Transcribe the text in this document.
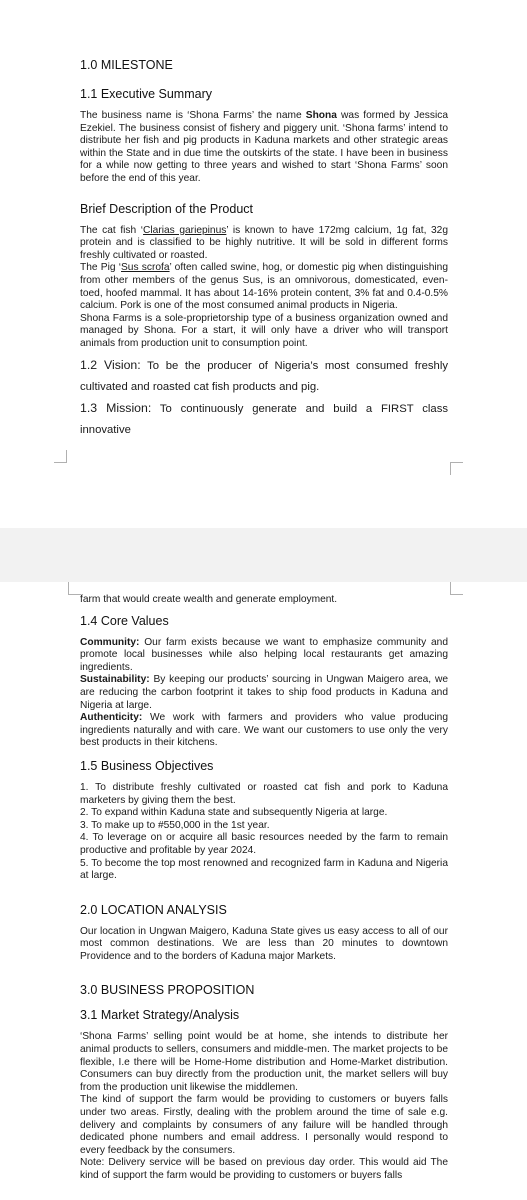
1.0 MILESTONE
1.1 Executive Summary

The business name is ‘Shona Farms’ the name Shona was formed by Jessica Ezekiel. The business consist of fishery and piggery unit. ‘Shona farms’ intend to distribute her fish and pig products in Kaduna markets and other strategic areas within the State and in due time the outskirts of the state. I have been in business for a while now getting to three years and wished to start ‘Shona Farms’ soon before the end of this year.

Brief Description of the Product

The cat fish ‘Clarias gariepinus’ is known to have 172mg calcium, 1g fat, 32g protein and is classified to be highly nutritive. It will be sold in different forms freshly cultivated or roasted.

The Pig ‘Sus scrofa’ often called swine, hog, or domestic pig when distinguishing from other members of the genus Sus, is an omnivorous, domesticated, even-toed, hoofed mammal. It has about 14-16% protein content, 3% fat and 0.4-0.5% calcium. Pork is one of the most consumed animal products in Nigeria.

Shona Farms is a sole-proprietorship type of a business organization owned and managed by Shona. For a start, it will only have a driver who will transport animals from production unit to consumption point.

1.2 Vision: To be the producer of Nigeria’s most consumed freshly cultivated and roasted cat fish products and pig.

1.3 Mission: To continuously generate and build a FIRST class innovative

farm that would create wealth and generate employment.

1.4 Core Values

Community: Our farm exists because we want to emphasize community and promote local businesses while also helping local restaurants get amazing ingredients.

Sustainability: By keeping our products’ sourcing in Ungwan Maigero area, we are reducing the carbon footprint it takes to ship food products in Kaduna and Nigeria at large.

Authenticity: We work with farmers and providers who value producing ingredients naturally and with care. We want our customers to use only the very best products in their kitchens.

1.5 Business Objectives

1. To distribute freshly cultivated or roasted cat fish and pork to Kaduna marketers by giving them the best.

2. To expand within Kaduna state and subsequently Nigeria at large.

3. To make up to #550,000 in the 1st year.

4. To leverage on or acquire all basic resources needed by the farm to remain productive and profitable by year 2024.

5. To become the top most renowned and recognized farm in Kaduna and Nigeria at large.

2.0 LOCATION ANALYSIS

Our location in Ungwan Maigero, Kaduna State gives us easy access to all of our most common destinations. We are less than 20 minutes to downtown Providence and to the borders of Kaduna major Markets.

3.0 BUSINESS PROPOSITION
3.1 Market Strategy/Analysis

‘Shona Farms’ selling point would be at home, she intends to distribute her animal products to sellers, consumers and middle-men. The market projects to be flexible, I.e there will be Home-Home distribution and Home-Market distribution. Consumers can buy directly from the production unit, the market sellers will buy from the production unit likewise the middlemen.

The kind of support the farm would be providing to customers or buyers falls under two areas. Firstly, dealing with the problem around the time of sale e.g. delivery and complaints by consumers of any failure will be handled through dedicated phone numbers and email address. I personally would respond to every feedback by the consumers.

Note: Delivery service will be based on previous day order. This would aid The kind of support the farm would be providing to customers or buyers falls
